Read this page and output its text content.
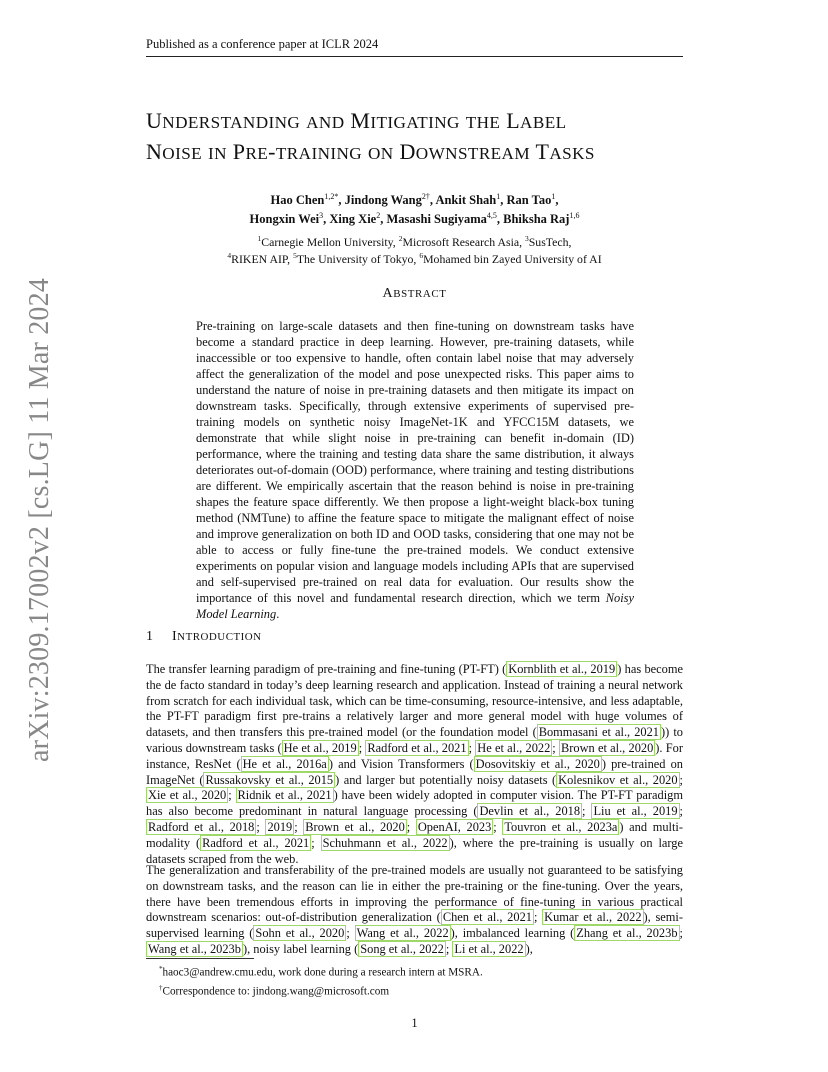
Published as a conference paper at ICLR 2024
arXiv:2309.17002v2 [cs.LG] 11 Mar 2024
UNDERSTANDING AND MITIGATING THE LABEL
NOISE IN PRE-TRAINING ON DOWNSTREAM TASKS
Hao Chen$^{1,2*}$, Jindong Wang$^{2\dagger}$, Ankit Shah$^1$, Ran Tao$^1$,
Hongxin Wei$^3$, Xing Xie$^2$, Masashi Sugiyama$^{4,5}$, Bhiksha Raj$^{1,6}$
$^1$Carnegie Mellon University, $^2$Microsoft Research Asia, $^3$SusTech,
$^4$RIKEN AIP, $^5$The University of Tokyo, $^6$Mohamed bin Zayed University of AI
ABSTRACT
Pre-training on large-scale datasets and then fine-tuning on downstream tasks have become a standard practice in deep learning. However, pre-training datasets, while inaccessible or too expensive to handle, often contain label noise that may adversely affect the generalization of the model and pose unexpected risks. This paper aims to understand the nature of noise in pre-training datasets and then mitigate its impact on downstream tasks. Specifically, through extensive experiments of supervised pre-training models on synthetic noisy ImageNet-1K and YFCC15M datasets, we demonstrate that while slight noise in pre-training can benefit in-domain (ID) performance, where the training and testing data share the same distribution, it always deteriorates out-of-domain (OOD) performance, where training and testing distributions are different. We empirically ascertain that the reason behind is noise in pre-training shapes the feature space differently. We then propose a light-weight black-box tuning method (NMTune) to affine the feature space to mitigate the malignant effect of noise and improve generalization on both ID and OOD tasks, considering that one may not be able to access or fully fine-tune the pre-trained models. We conduct extensive experiments on popular vision and language models including APIs that are supervised and self-supervised pre-trained on real data for evaluation. Our results show the importance of this novel and fundamental research direction, which we term Noisy Model Learning.
1 INTRODUCTION
The transfer learning paradigm of pre-training and fine-tuning (PT-FT) ( Kornblith et al., 2019 ) has become the de facto standard in today’s deep learning research and application. Instead of training a neural network from scratch for each individual task, which can be time-consuming, resource-intensive, and less adaptable, the PT-FT paradigm first pre-trains a relatively larger and more general model with huge volumes of datasets, and then transfers this pre-trained model (or the foundation model ( Bommasani et al., 2021 )) to various downstream tasks ( He et al., 2019 ; Radford et al., 2021 ; He et al., 2022 ; Brown et al., 2020 ). For instance, ResNet ( He et al., 2016a ) and Vision Transformers ( Dosovitskiy et al., 2020 ) pre-trained on ImageNet ( Russakovsky et al., 2015 ) and larger but potentially noisy datasets ( Kolesnikov et al., 2020 ; Xie et al., 2020 ; Ridnik et al., 2021 ) have been widely adopted in computer vision. The PT-FT paradigm has also become predominant in natural language processing ( Devlin et al., 2018 ; Liu et al., 2019 ; Radford et al., 2018 ; 2019 ; Brown et al., 2020 ; OpenAI, 2023 ; Touvron et al., 2023a ) and multi-modality ( Radford et al., 2021 ; Schuhmann et al., 2022 ), where the pre-training is usually on large datasets scraped from the web.
The generalization and transferability of the pre-trained models are usually not guaranteed to be satisfying on downstream tasks, and the reason can lie in either the pre-training or the fine-tuning. Over the years, there have been tremendous efforts in improving the performance of fine-tuning in various practical downstream scenarios: out-of-distribution generalization ( Chen et al., 2021 ; Kumar et al., 2022 ), semi-supervised learning ( Sohn et al., 2020 ; Wang et al., 2022 ), imbalanced learning ( Zhang et al., 2023b ; Wang et al., 2023b ), noisy label learning ( Song et al., 2022 ; Li et al., 2022 ),
*haoc3@andrew.cmu.edu, work done during a research intern at MSRA.
†Correspondence to: jindong.wang@microsoft.com
1
